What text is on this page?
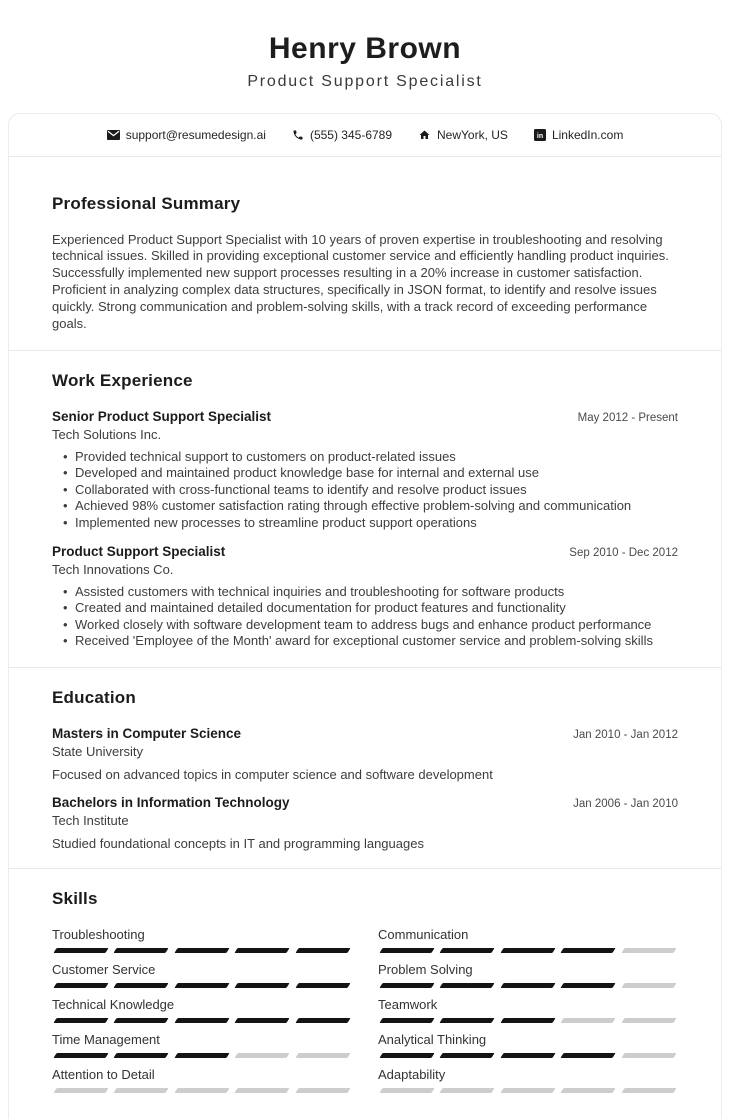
Henry Brown
Product Support Specialist
support@resumedesign.ai	(555) 345-6789	NewYork, US in LinkedIn.com
Professional Summary

Experienced Product Support Specialist with 10 years of proven expertise in troubleshooting and resolving technical issues. Skilled in providing exceptional customer service and efficiently handling product inquiries. Successfully implemented new support processes resulting in a 20% increase in customer satisfaction. Proficient in analyzing complex data structures, specifically in JSON format, to identify and resolve issues quickly. Strong communication and problem-solving skills, with a track record of exceeding performance goals.

Work Experience
Senior Product Support Specialist	May 2012 - Present
Tech Solutions Inc.
• Provided technical support to customers on product-related issues
• Developed and maintained product knowledge base for internal and external use
• Collaborated with cross-functional teams to identify and resolve product issues
• Achieved 98% customer satisfaction rating through effective problem-solving and communication
• Implemented new processes to streamline product support operations
Product Support Specialist	Sep 2010 - Dec 2012
Tech Innovations Co.
• Assisted customers with technical inquiries and troubleshooting for software products
• Created and maintained detailed documentation for product features and functionality
• Worked closely with software development team to address bugs and enhance product performance
• Received 'Employee of the Month' award for exceptional customer service and problem-solving skills
Education
Masters in Computer Science	Jan 2010 - Jan 2012
State University
Focused on advanced topics in computer science and software development
Bachelors in Information Technology	Jan 2006 - Jan 2010
Tech Institute
Studied foundational concepts in IT and programming languages
Skills
Troubleshooting
Customer Service
Technical Knowledge
Time Management
Attention to Detail
Communication
Problem Solving
Teamwork
Analytical Thinking
Adaptability
